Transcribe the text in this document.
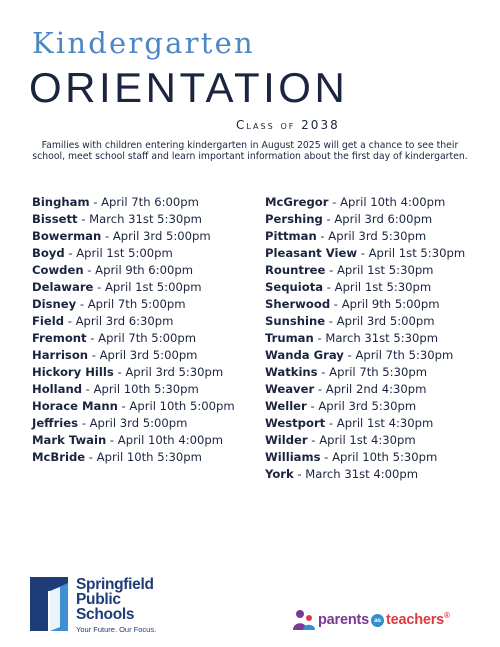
Kindergarten
ORIENTATION
Class of 2038
Families with children entering kindergarten in August 2025 will get a chance to see their school, meet school staff and learn important information about the first day of kindergarten.
Bingham - April 7th 6:00pm
Bissett - March 31st 5:30pm
Bowerman - April 3rd 5:00pm
Boyd - April 1st 5:00pm
Cowden - April 9th 6:00pm
Delaware - April 1st 5:00pm
Disney - April 7th 5:00pm
Field - April 3rd 6:30pm
Fremont - April 7th 5:00pm
Harrison - April 3rd 5:00pm
Hickory Hills - April 3rd 5:30pm
Holland - April 10th 5:30pm
Horace Mann - April 10th 5:00pm
Jeffries - April 3rd 5:00pm
Mark Twain - April 10th 4:00pm
McBride - April 10th 5:30pm
McGregor - April 10th 4:00pm
Pershing - April 3rd 6:00pm
Pittman - April 3rd 5:30pm
Pleasant View - April 1st 5:30pm
Rountree - April 1st 5:30pm
Sequiota - April 1st 5:30pm
Sherwood - April 9th 5:00pm
Sunshine - April 3rd 5:00pm
Truman - March 31st 5:30pm
Wanda Gray - April 7th 5:30pm
Watkins - April 7th 5:30pm
Weaver - April 2nd 4:30pm
Weller - April 3rd 5:30pm
Westport - April 1st 4:30pm
Wilder - April 1st 4:30pm
Williams - April 10th 5:30pm
York - March 31st 4:00pm
Springfield
Public
Schools
Your Future. Our Focus.
parents as teachers®
